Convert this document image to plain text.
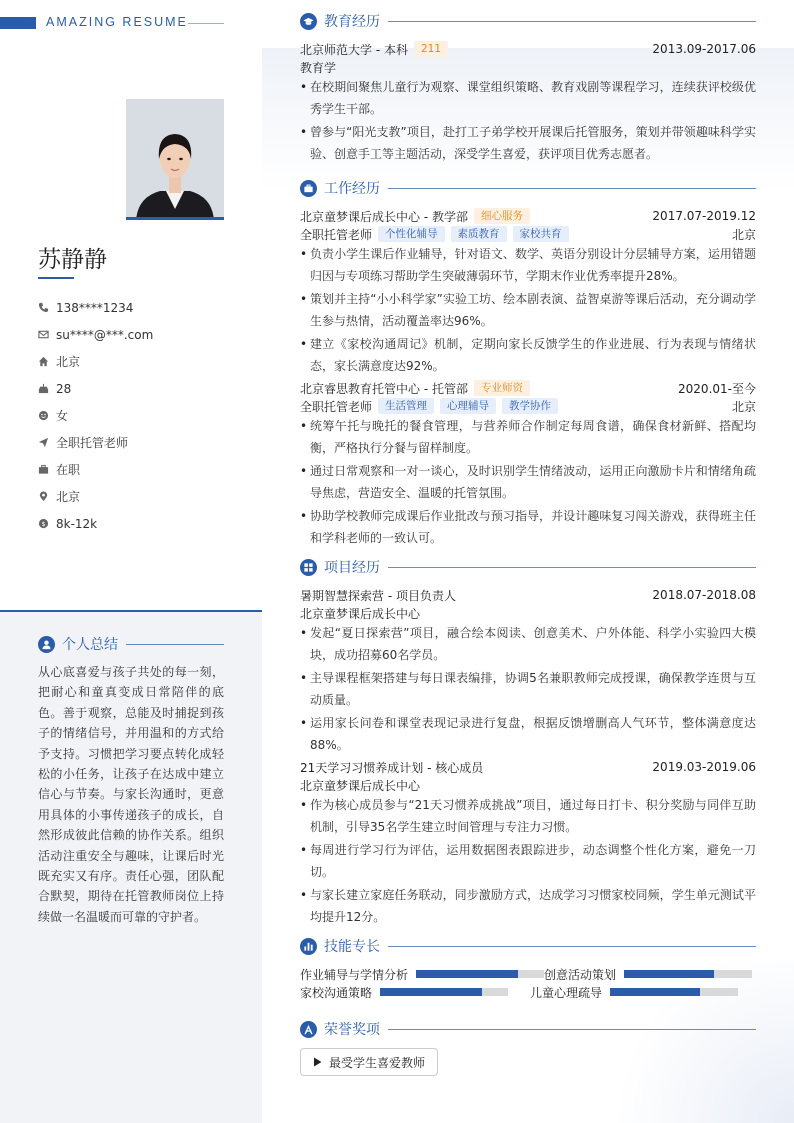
AMAZING RESUME
苏静静
138****1234
su****@***.com
北京
28
女
全职托管老师
在职
北京
$ 8k-12k
个人总结
从心底喜爱与孩子共处的每一刻，把耐心和童真变成日常陪伴的底色。善于观察，总能及时捕捉到孩子的情绪信号，并用温和的方式给予支持。习惯把学习要点转化成轻松的小任务，让孩子在达成中建立信心与节奏。与家长沟通时，更意用具体的小事传递孩子的成长，自然形成彼此信赖的协作关系。组织活动注重安全与趣味，让课后时光既充实又有序。责任心强，团队配合默契，期待在托管教师岗位上持续做一名温暖而可靠的守护者。
教育经历
北京师范大学 - 本科	211	2013.09-2017.06
教育学
• 在校期间聚焦儿童行为观察、课堂组织策略、教育戏剧等课程学习，连续获评校级优秀学生干部。
• 曾参与“阳光支教”项目，赴打工子弟学校开展课后托管服务，策划并带领趣味科学实验、创意手工等主题活动，深受学生喜爱，获评项目优秀志愿者。
工作经历
北京童梦课后成长中心 - 教学部	细心服务	2017.07-2019.12
全职托管老师	个性化辅导	素质教育	家校共育	北京
• 负责小学生课后作业辅导，针对语文、数学、英语分别设计分层辅导方案，运用错题归因与专项练习帮助学生突破薄弱环节，学期末作业优秀率提升28%。
• 策划并主持“小小科学家”实验工坊、绘本剧表演、益智桌游等课后活动，充分调动学生参与热情，活动覆盖率达96%。
• 建立《家校沟通周记》机制，定期向家长反馈学生的作业进展、行为表现与情绪状态，家长满意度达92%。
北京睿思教育托管中心 - 托管部	专业师资	2020.01-至今
全职托管老师	生活管理	心理辅导	教学协作	北京
• 统筹午托与晚托的餐食管理，与营养师合作制定每周食谱，确保食材新鲜、搭配均衡，严格执行分餐与留样制度。
• 通过日常观察和一对一谈心，及时识别学生情绪波动，运用正向激励卡片和情绪角疏导焦虑，营造安全、温暖的托管氛围。
• 协助学校教师完成课后作业批改与预习指导，并设计趣味复习闯关游戏，获得班主任和学科老师的一致认可。
项目经历
暑期智慧探索营 - 项目负责人	2018.07-2018.08
北京童梦课后成长中心
• 发起“夏日探索营”项目，融合绘本阅读、创意美术、户外体能、科学小实验四大模块，成功招募60名学员。
• 主导课程框架搭建与每日课表编排，协调5名兼职教师完成授课，确保教学连贯与互动质量。
• 运用家长问卷和课堂表现记录进行复盘，根据反馈增删高人气环节，整体满意度达88%。
21天学习习惯养成计划 - 核心成员	2019.03-2019.06
北京童梦课后成长中心
• 作为核心成员参与“21天习惯养成挑战”项目，通过每日打卡、积分奖励与同伴互助机制，引导35名学生建立时间管理与专注力习惯。
• 每周进行学习行为评估，运用数据图表跟踪进步，动态调整个性化方案，避免一刀切。
• 与家长建立家庭任务联动，同步激励方式，达成学习习惯家校同频，学生单元测试平均提升12分。
技能专长
作业辅导与学情分析	创意活动策划
家校沟通策略	儿童心理疏导
荣誉奖项
最受学生喜爱教师
